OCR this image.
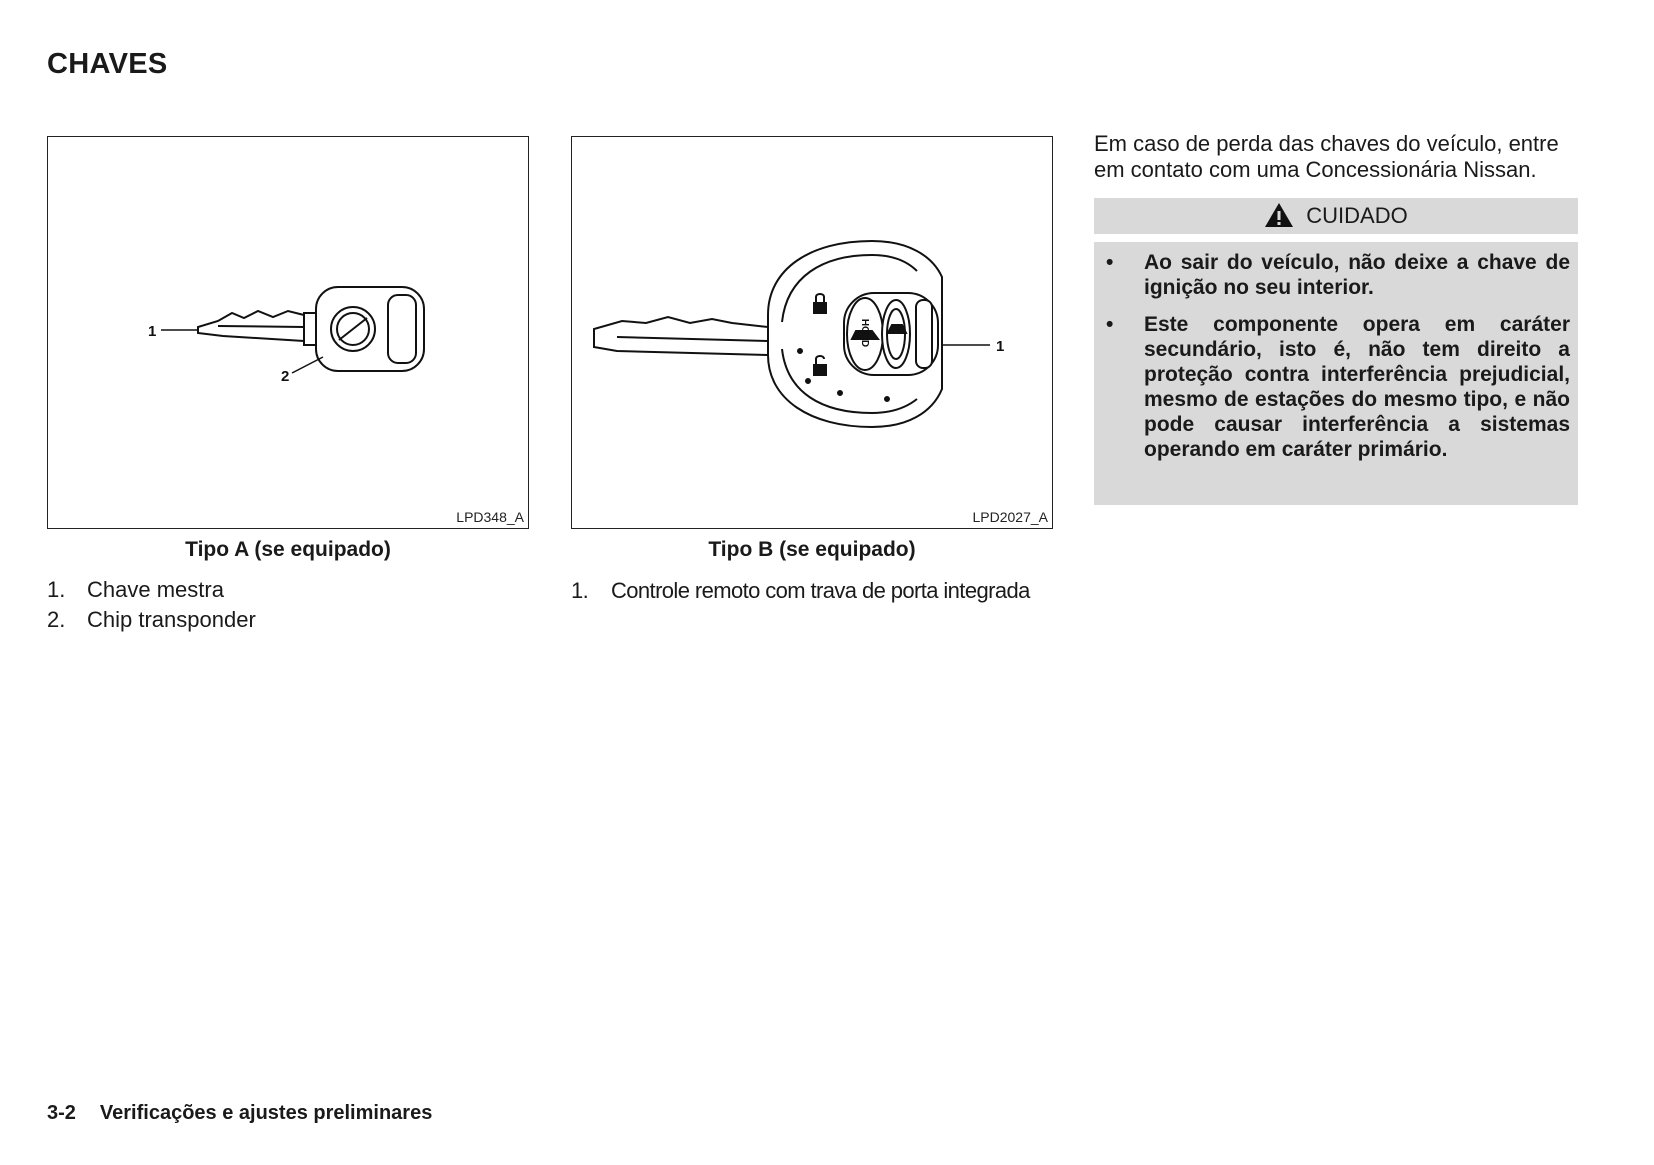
CHAVES
1
2
LPD348_A
Tipo A (se equipado)
1. Chave mestra
2. Chip transponder
HOLD	1
LPD2027_A
Tipo B (se equipado)
1. Controle remoto com trava de porta integrada
Em caso de perda das chaves do veículo, entre em contato com uma Concessionária Nissan.
CUIDADO
• Ao sair do veículo, não deixe a chave de ignição no seu interior.
• Este componente opera em caráter secundário, isto é, não tem direito a proteção contra interferência prejudicial, mesmo de estações do mesmo tipo, e não pode causar interferência a sistemas operando em caráter primário.
3-2 Verificações e ajustes preliminares
